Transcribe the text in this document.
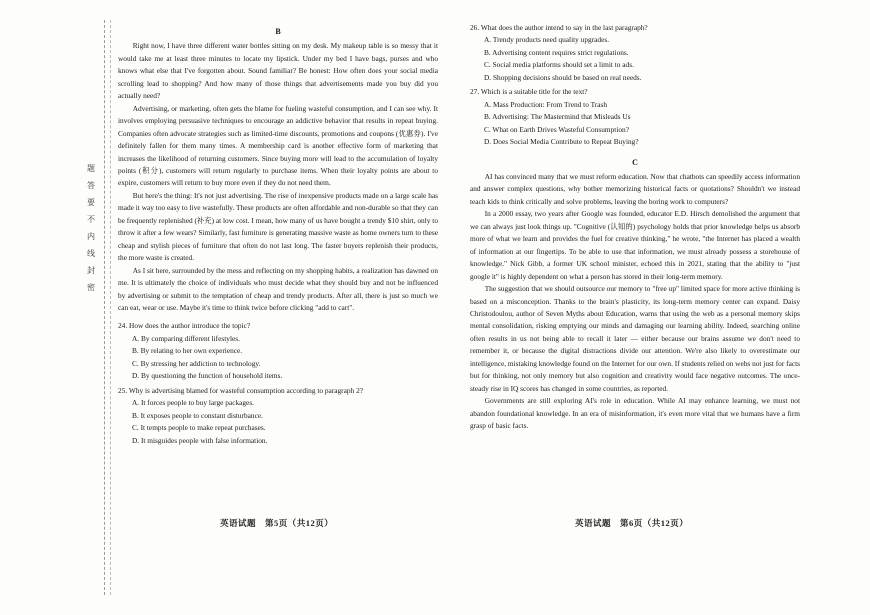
题
答
要
不
内
线
封
密
B

Right now, I have three different water bottles sitting on my desk. My makeup table is so messy that it would take me at least three minutes to locate my lipstick. Under my bed I have bags, purses and who knows what else that I've forgotten about. Sound familiar? Be honest: How often does your social media scrolling lead to shopping? And how many of those things that advertisements made you buy did you actually need?

Advertising, or marketing, often gets the blame for fueling wasteful consumption, and I can see why. It involves employing persuasive techniques to encourage an addictive behavior that results in repeat buying. Companies often advocate strategies such as limited-time discounts, promotions and coupons (优惠券). I've definitely fallen for them many times. A membership card is another effective form of marketing that increases the likelihood of returning customers. Since buying more will lead to the accumulation of loyalty points (积分), customers will return regularly to purchase items. When their loyalty points are about to expire, customers will return to buy more even if they do not need them.

But here's the thing: It's not just advertising. The rise of inexpensive products made on a large scale has made it way too easy to live wastefully. These products are often affordable and non-durable so that they can be frequently replenished (补充) at low cost. I mean, how many of us have bought a trendy $10 shirt, only to throw it after a few wears? Similarly, fast furniture is generating massive waste as home owners turn to these cheap and stylish pieces of furniture that often do not last long. The faster buyers replenish their products, the more waste is created.

As I sit here, surrounded by the mess and reflecting on my shopping habits, a realization has dawned on me. It is ultimately the choice of individuals who must decide what they should buy and not be influenced by advertising or submit to the temptation of cheap and trendy products. After all, there is just so much we can eat, wear or use. Maybe it's time to think twice before clicking "add to cart".

24. How does the author introduce the topic?

A. By comparing different lifestyles.

B. By relating to her own experience.

C. By stressing her addiction to technology.

D. By questioning the function of household items.

25. Why is advertising blamed for wasteful consumption according to paragraph 2?

A. It forces people to buy large packages.

B. It exposes people to constant disturbance.

C. It tempts people to make repeat purchases.

D. It misguides people with false information.

26. What does the author intend to say in the last paragraph?

A. Trendy products need quality upgrades.

B. Advertising content requires strict regulations.

C. Social media platforms should set a limit to ads.

D. Shopping decisions should be based on real needs.

27. Which is a suitable title for the text?

A. Mass Production: From Trend to Trash

B. Advertising: The Mastermind that Misleads Us

C. What on Earth Drives Wasteful Consumption?

D. Does Social Media Contribute to Repeat Buying?

C

AI has convinced many that we must reform education. Now that chatbots can speedily access information and answer complex questions, why bother memorizing historical facts or quotations? Shouldn't we instead teach kids to think critically and solve problems, leaving the boring work to computers?

In a 2000 essay, two years after Google was founded, educator E.D. Hirsch demolished the argument that we can always just look things up. "Cognitive (认知的) psychology holds that prior knowledge helps us absorb more of what we learn and provides the fuel for creative thinking," he wrote, "the Internet has placed a wealth of information at our fingertips. To be able to use that information, we must already possess a storehouse of knowledge." Nick Gibb, a former UK school minister, echoed this in 2021, stating that the ability to "just google it" is highly dependent on what a person has stored in their long-term memory.

The suggestion that we should outsource our memory to "free up" limited space for more active thinking is based on a misconception. Thanks to the brain's plasticity, its long-term memory center can expand. Daisy Christodoulou, author of Seven Myths about Education, warns that using the web as a personal memory skips mental consolidation, risking emptying our minds and damaging our learning ability. Indeed, searching online often results in us not being able to recall it later — either because our brains assume we don't need to remember it, or because the digital distractions divide our attention. We're also likely to overestimate our intelligence, mistaking knowledge found on the Internet for our own. If students relied on webs not just for facts but for thinking, not only memory but also cognition and creativity would face negative outcomes. The once-steady rise in IQ scores has changed in some countries, as reported.

Governments are still exploring AI's role in education. While AI may enhance learning, we must not abandon foundational knowledge. In an era of misinformation, it's even more vital that we humans have a firm grasp of basic facts.

英语试题　第5页（共12页）	英语试题　第6页（共12页）
